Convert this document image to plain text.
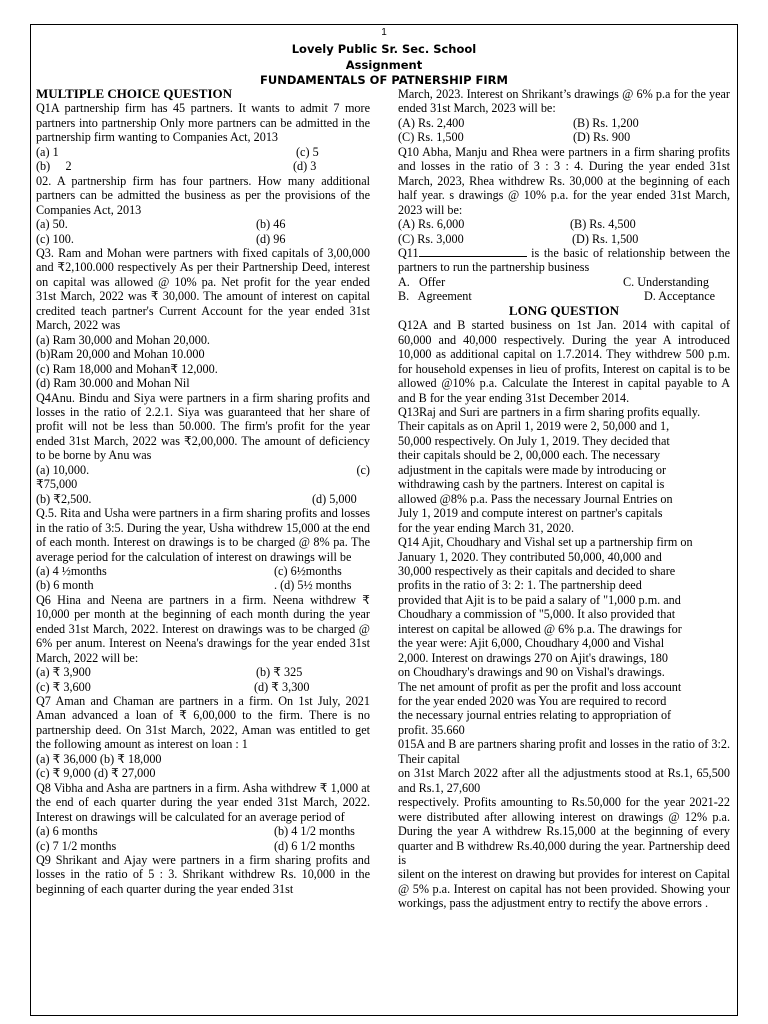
1
Lovely Public Sr. Sec. School
Assignment
FUNDAMENTALS OF PATNERSHIP FIRM

MULTIPLE CHOICE QUESTION

Q1A partnership firm has 45 partners. It wants to admit 7 more partners into partnership Only more partners can be admitted in the partnership firm wanting to Companies Act, 2013

(a) 1	(c) 5
(b)     2	(d) 3

02. A partnership firm has four partners. How many additional partners can be admitted the business as per the provisions of the Companies Act, 2013

(a) 50.	(b) 46
(c) 100.	(d) 96

Q3. Ram and Mohan were partners with fixed capitals of 3,00,000 and ₹2,100.000 respectively As per their Partnership Deed, interest on capital was allowed @ 10% pa. Net profit for the year ended 31st March, 2022 was ₹ 30,000. The amount of interest on capital credited teach partner's Current Account for the year ended 31st March, 2022 was

(a) Ram 30,000 and Mohan 20,000.

(b)Ram 20,000 and Mohan 10.000

(c) Ram 18,000 and Mohan₹ 12,000.

(d) Ram 30.000 and Mohan Nil

Q4Anu. Bindu and Siya were partners in a firm sharing profits and losses in the ratio of 2.2.1. Siya was guaranteed that her share of profit will not be less than 50.000. The firm's profit for the year ended 31st March, 2022 was ₹2,00,000. The amount of deficiency to be borne by Anu was

(a) 10,000.	(c)

₹75,000

(b) ₹2,500.	(d) 5,000

Q.5. Rita and Usha were partners in a firm sharing profits and losses in the ratio of 3:5. During the year, Usha withdrew 15,000 at the end of each month. Interest on drawings is to be charged @ 8% pa. The average period for the calculation of interest on drawings will be

(a) 4 ½months	(c) 6½months
(b) 6 month	. (d) 5½ months

Q6 Hina and Neena are partners in a firm. Neena withdrew ₹ 10,000 per month at the beginning of each month during the year ended 31st March, 2022. Interest on drawings was to be charged @ 6% per anum. Interest on Neena's drawings for the year ended 31st March, 2022 will be:

(a) ₹ 3,900	(b) ₹ 325
(c) ₹ 3,600	(d) ₹ 3,300

Q7 Aman and Chaman are partners in a firm. On 1st July, 2021 Aman advanced a loan of ₹ 6,00,000 to the firm. There is no partnership deed. On 31st March, 2022, Aman was entitled to get the following amount as interest on loan : 1

(a) ₹ 36,000 (b) ₹ 18,000

(c) ₹ 9,000 (d) ₹ 27,000

Q8 Vibha and Asha are partners in a firm. Asha withdrew ₹ 1,000 at the end of each quarter during the year ended 31st March, 2022. Interest on drawings will be calculated for an average period of

(a) 6 months	(b) 4 1/2 months
(c) 7 1/2 months	(d) 6 1/2 months

Q9 Shrikant and Ajay were partners in a firm sharing profits and losses in the ratio of 5 : 3. Shrikant withdrew Rs. 10,000 in the beginning of each quarter during the year ended 31st

March, 2023. Interest on Shrikant’s drawings @ 6% p.a for the year ended 31st March, 2023 will be:

(A) Rs. 2,400	(B) Rs. 1,200
(C) Rs. 1,500	(D) Rs. 900

Q10 Abha, Manju and Rhea were partners in a firm sharing profits and losses in the ratio of 3 : 3 : 4. During the year ended 31st March, 2023, Rhea withdrew Rs. 30,000 at the beginning of each half year. s drawings @ 10% p.a. for the year ended 31st March, 2023 will be:

(A) Rs. 6,000	(B) Rs. 4,500
(C) Rs. 3,000	(D) Rs. 1,500

Q11	is the basic of relationship between the partners to run the partnership business

A.   Offer	C. Understanding
B.   Agreement	D. Acceptance

LONG QUESTION

Q12A and B started business on 1st Jan. 2014 with capital of 60,000 and 40,000 respectively. During the year A introduced 10,000 as additional capital on 1.7.2014. They withdrew 500 p.m. for household expenses in lieu of profits, Interest on capital is to be allowed @10% p.a. Calculate the Interest in capital payable to A and B for the year ending 31st December 2014.

Q13Raj and Suri are partners in a firm sharing profits equally.

Their capitals as on April 1, 2019 were 2, 50,000 and 1,

50,000 respectively. On July 1, 2019. They decided that

their capitals should be 2, 00,000 each. The necessary

adjustment in the capitals were made by introducing or

withdrawing cash by the partners. Interest on capital is

allowed @8% p.a. Pass the necessary Journal Entries on

July 1, 2019 and compute interest on partner's capitals

for the year ending March 31, 2020.

Q14 Ajit, Choudhary and Vishal set up a partnership firm on

January 1, 2020. They contributed 50,000, 40,000 and

30,000 respectively as their capitals and decided to share

profits in the ratio of 3: 2: 1. The partnership deed

provided that Ajit is to be paid a salary of "1,000 p.m. and

Choudhary a commission of "5,000. It also provided that

interest on capital be allowed @ 6% p.a. The drawings for

the year were: Ajit 6,000, Choudhary 4,000 and Vishal

2,000. Interest on drawings 270 on Ajit's drawings, 180

on Choudhary's drawings and 90 on Vishal's drawings.

The net amount of profit as per the profit and loss account

for the year ended 2020 was You are required to record

the necessary journal entries relating to appropriation of

profit. 35.660

015A and B are partners sharing profit and losses in the ratio of 3:2. Their capital

on 31st March 2022 after all the adjustments stood at Rs.1, 65,500 and Rs.1, 27,600

respectively. Profits amounting to Rs.50,000 for the year 2021-22 were distributed after allowing interest on drawings @ 12% p.a. During the year A withdrew Rs.15,000 at the beginning of every quarter and B withdrew Rs.40,000 during the year. Partnership deed is

silent on the interest on drawing but provides for interest on Capital @ 5% p.a. Interest on capital has not been provided. Showing your workings, pass the adjustment entry to rectify the above errors .
